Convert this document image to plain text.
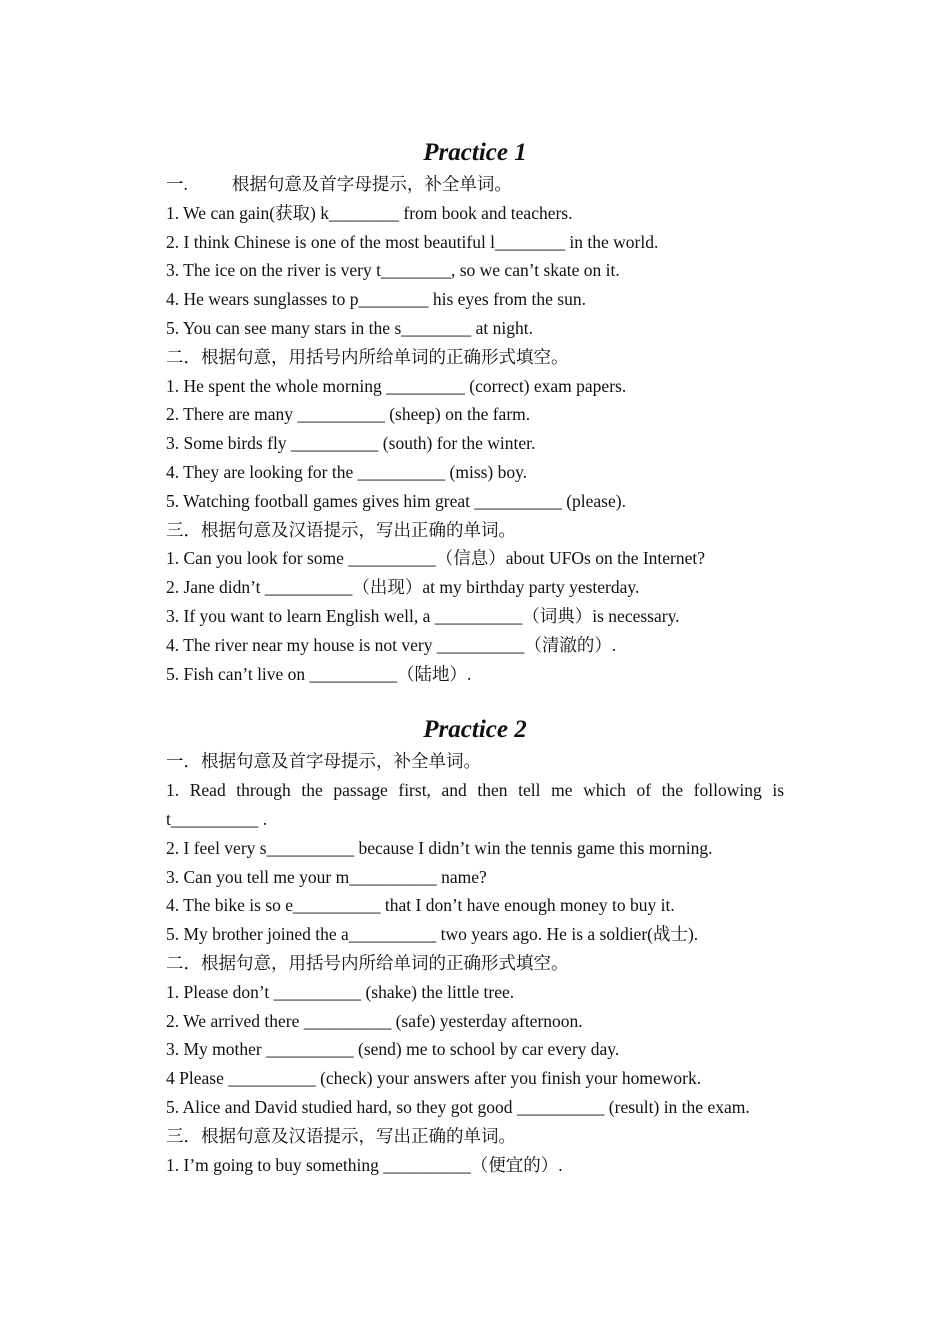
Practice 1
一.	根据句意及首字母提示，补全单词。
1. We can gain(获取) k________ from book and teachers.
2. I think Chinese is one of the most beautiful l________ in the world.
3. The ice on the river is very t________, so we can’t skate on it.
4. He wears sunglasses to p________ his eyes from the sun.
5. You can see many stars in the s________ at night.
二．根据句意，用括号内所给单词的正确形式填空。
1. He spent the whole morning _________ (correct) exam papers.
2. There are many __________ (sheep) on the farm.
3. Some birds fly __________ (south) for the winter.
4. They are looking for the __________ (miss) boy.
5. Watching football games gives him great __________ (please).
三．根据句意及汉语提示，写出正确的单词。
1. Can you look for some __________（信息）about UFOs on the Internet?
2. Jane didn’t __________（出现）at my birthday party yesterday.
3. If you want to learn English well, a __________（词典）is necessary.
4. The river near my house is not very __________（清澈的）.
5. Fish can’t live on __________（陆地）.
Practice 2
一．根据句意及首字母提示，补全单词。
1. Read through the passage first, and then tell me which of the following is t__________ .
2. I feel very s__________ because I didn’t win the tennis game this morning.
3. Can you tell me your m__________ name?
4. The bike is so e__________ that I don’t have enough money to buy it.
5. My brother joined the a__________ two years ago. He is a soldier(战士).
二．根据句意，用括号内所给单词的正确形式填空。
1. Please don’t __________ (shake) the little tree.
2. We arrived there __________ (safe) yesterday afternoon.
3. My mother __________ (send) me to school by car every day.
4 Please __________ (check) your answers after you finish your homework.
5. Alice and David studied hard, so they got good __________ (result) in the exam.
三．根据句意及汉语提示，写出正确的单词。
1. I’m going to buy something __________（便宜的）.
